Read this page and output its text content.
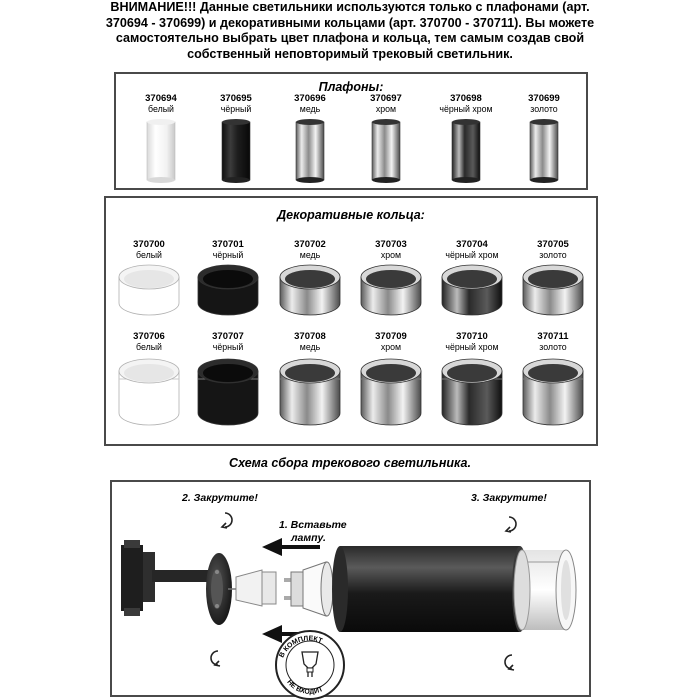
ВНИМАНИЕ!!! Данные светильники используются только с плафонами (арт.
370694 - 370699) и декоративными кольцами (арт. 370700 - 370711). Вы можете
самостоятельно выбрать цвет плафона и кольца, тем самым создав свой
собственный неповторимый трековый светильник.
Плафоны:
370694
белый
370695
чёрный
370696
медь
370697
хром
370698
чёрный хром
370699
золото
Декоративные кольца:
370700
белый
370701
чёрный
370702
медь
370703
хром
370704
чёрный хром
370705
золото
370706
белый
370707
чёрный
370708
медь
370709
хром
370710
чёрный хром
370711
золото
Схема сбора трекового светильника.
2. Закрутите!	3. Закрутите!
1. Вставьте
лампу.
В КОМПЛЕКТ
НЕ ВХОДИТ
